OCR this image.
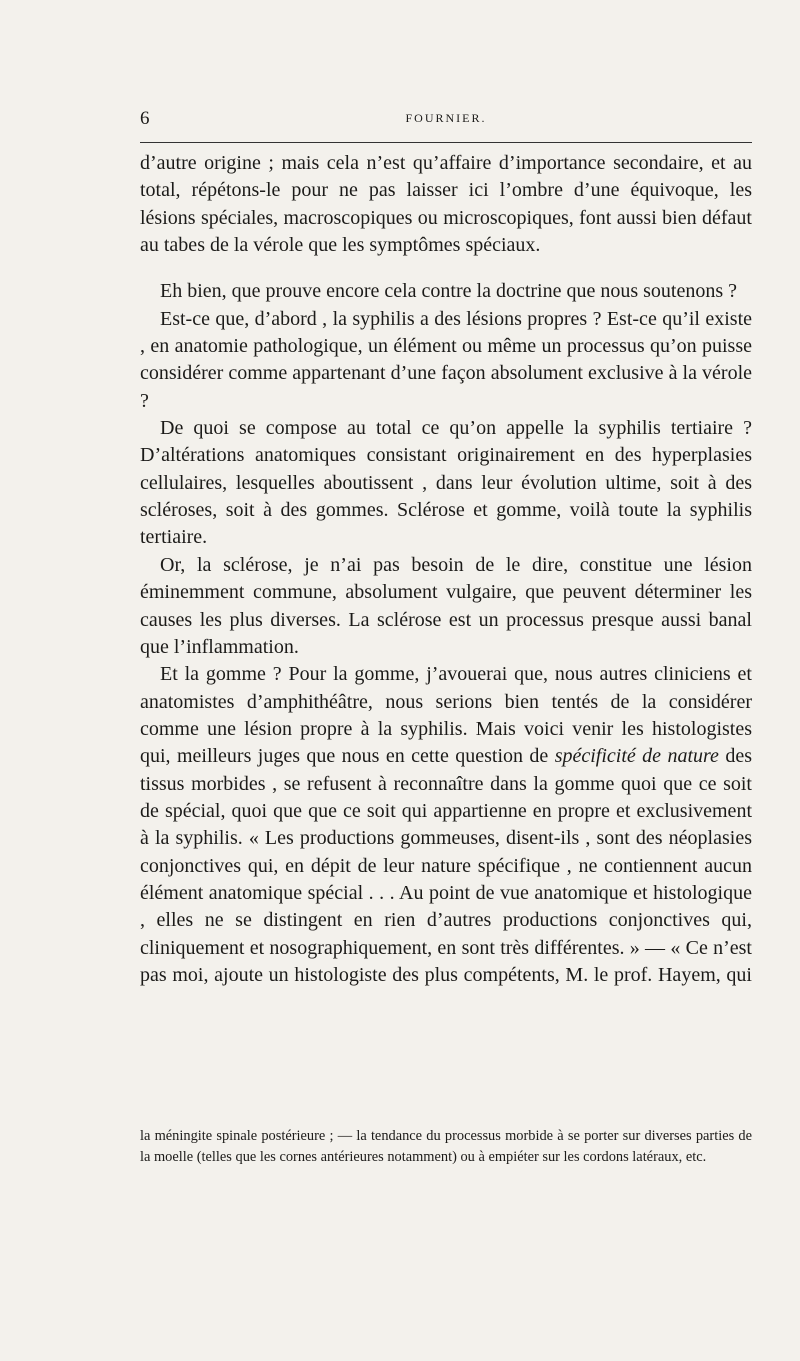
6	FOURNIER.

d’autre origine ; mais cela n’est qu’affaire d’importance secondaire, et au total, répétons-le pour ne pas laisser ici l’ombre d’une équivoque, les lésions spéciales, macroscopiques ou microscopiques, font aussi bien défaut au tabes de la vérole que les symptômes spéciaux.

Eh bien, que prouve encore cela contre la doctrine que nous soutenons ?

Est-ce que, d’abord , la syphilis a des lésions propres ? Est-ce qu’il existe , en anatomie pathologique, un élément ou même un processus qu’on puisse considérer comme appartenant d’une façon absolument exclusive à la vérole ?

De quoi se compose au total ce qu’on appelle la syphilis tertiaire ? D’altérations anatomiques consistant originairement en des hyperplasies cellulaires, lesquelles aboutissent , dans leur évolution ultime, soit à des scléroses, soit à des gommes. Sclérose et gomme, voilà toute la syphilis tertiaire.

Or, la sclérose, je n’ai pas besoin de le dire, constitue une lésion éminemment commune, absolument vulgaire, que peuvent déterminer les causes les plus diverses. La sclérose est un processus presque aussi banal que l’inflammation.

Et la gomme ? Pour la gomme, j’avouerai que, nous autres cliniciens et anatomistes d’amphithéâtre, nous serions bien tentés de la considérer comme une lésion propre à la syphilis. Mais voici venir les histologistes qui, meilleurs juges que nous en cette question de spécificité de nature des tissus morbides , se refusent à reconnaître dans la gomme quoi que ce soit de spécial, quoi que que ce soit qui appartienne en propre et exclusivement à la syphilis. « Les productions gommeuses, disent-ils , sont des néoplasies conjonctives qui, en dépit de leur nature spécifique , ne contiennent aucun élément anatomique spécial . . . Au point de vue anatomique et histologique , elles ne se distingent en rien d’autres productions conjonctives qui, cliniquement et nosographiquement, en sont très différentes. » — « Ce n’est pas moi, ajoute un histologiste des plus compétents, M. le prof. Hayem, qui

la méningite spinale postérieure ; — la tendance du processus morbide à se porter sur diverses parties de la moelle (telles que les cornes antérieures notamment) ou à empiéter sur les cordons latéraux, etc.
